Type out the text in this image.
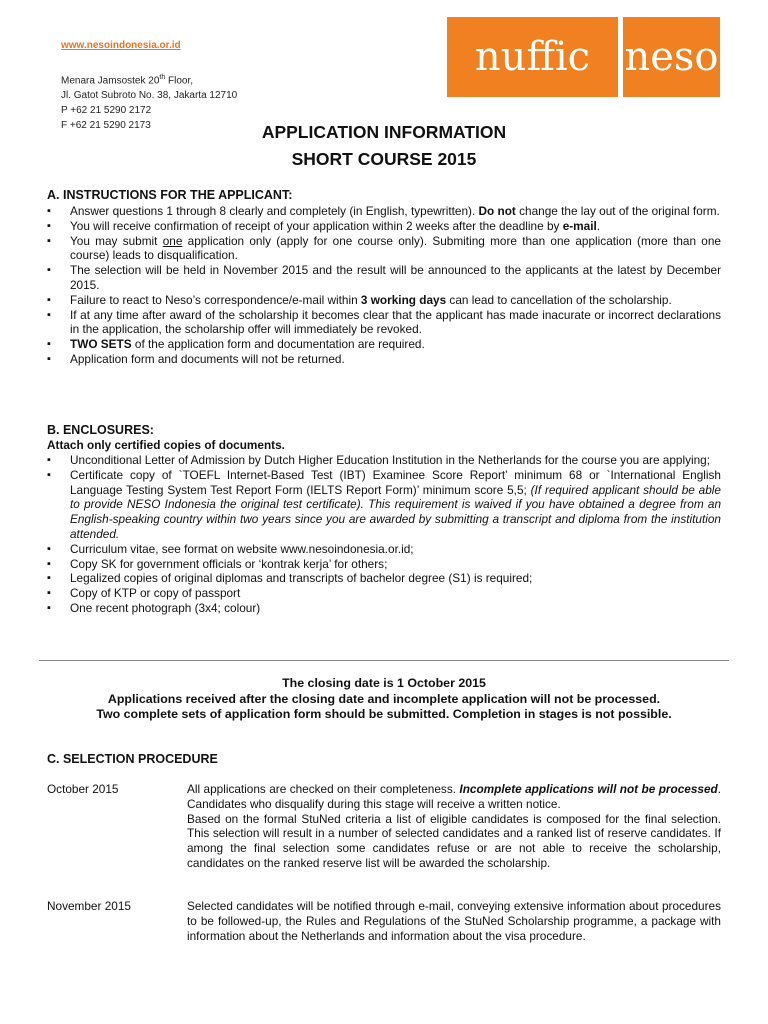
www.nesoindonesia.or.id
Menara Jamsostek 20th Floor,
Jl. Gatot Subroto No. 38, Jakarta 12710
P +62 21 5290 2172
F +62 21 5290 2173
nuffic neso
APPLICATION INFORMATION
SHORT COURSE 2015
A. INSTRUCTIONS FOR THE APPLICANT:
▪ Answer questions 1 through 8 clearly and completely (in English, typewritten). Do not change the lay out of the original form.
▪ You will receive confirmation of receipt of your application within 2 weeks after the deadline by e-mail.
▪ You may submit one application only (apply for one course only). Submiting more than one application (more than one course) leads to disqualification.
▪ The selection will be held in November 2015 and the result will be announced to the applicants at the latest by December 2015.
▪ Failure to react to Neso’s correspondence/e-mail within 3 working days can lead to cancellation of the scholarship.
▪ If at any time after award of the scholarship it becomes clear that the applicant has made inacurate or incorrect declarations in the application, the scholarship offer will immediately be revoked.
▪ TWO SETS of the application form and documentation are required.
▪ Application form and documents will not be returned.
B. ENCLOSURES:
Attach only certified copies of documents.
▪ Unconditional Letter of Admission by Dutch Higher Education Institution in the Netherlands for the course you are applying;
▪ Certificate copy of `TOEFL Internet-Based Test (IBT) Examinee Score Report’ minimum 68 or `International English Language Testing System Test Report Form (IELTS Report Form)’ minimum score 5,5; (If required applicant should be able to provide NESO Indonesia the original test certificate). This requirement is waived if you have obtained a degree from an English-speaking country within two years since you are awarded by submitting a transcript and diploma from the institution attended.
▪ Curriculum vitae, see format on website www.nesoindonesia.or.id;
▪ Copy SK for government officials or ‘kontrak kerja’ for others;
▪ Legalized copies of original diplomas and transcripts of bachelor degree (S1) is required;
▪ Copy of KTP or copy of passport
▪ One recent photograph (3x4; colour)
The closing date is 1 October 2015
Applications received after the closing date and incomplete application will not be processed.
Two complete sets of application form should be submitted. Completion in stages is not possible.
C. SELECTION PROCEDURE
October 2015	All applications are checked on their completeness. Incomplete applications will not be processed. Candidates who disqualify during this stage will receive a written notice.
Based on the formal StuNed criteria a list of eligible candidates is composed for the final selection. This selection will result in a number of selected candidates and a ranked list of reserve candidates. If among the final selection some candidates refuse or are not able to receive the scholarship, candidates on the ranked reserve list will be awarded the scholarship.
November 2015	Selected candidates will be notified through e-mail, conveying extensive information about procedures to be followed-up, the Rules and Regulations of the StuNed Scholarship programme, a package with information about the Netherlands and information about the visa procedure.
